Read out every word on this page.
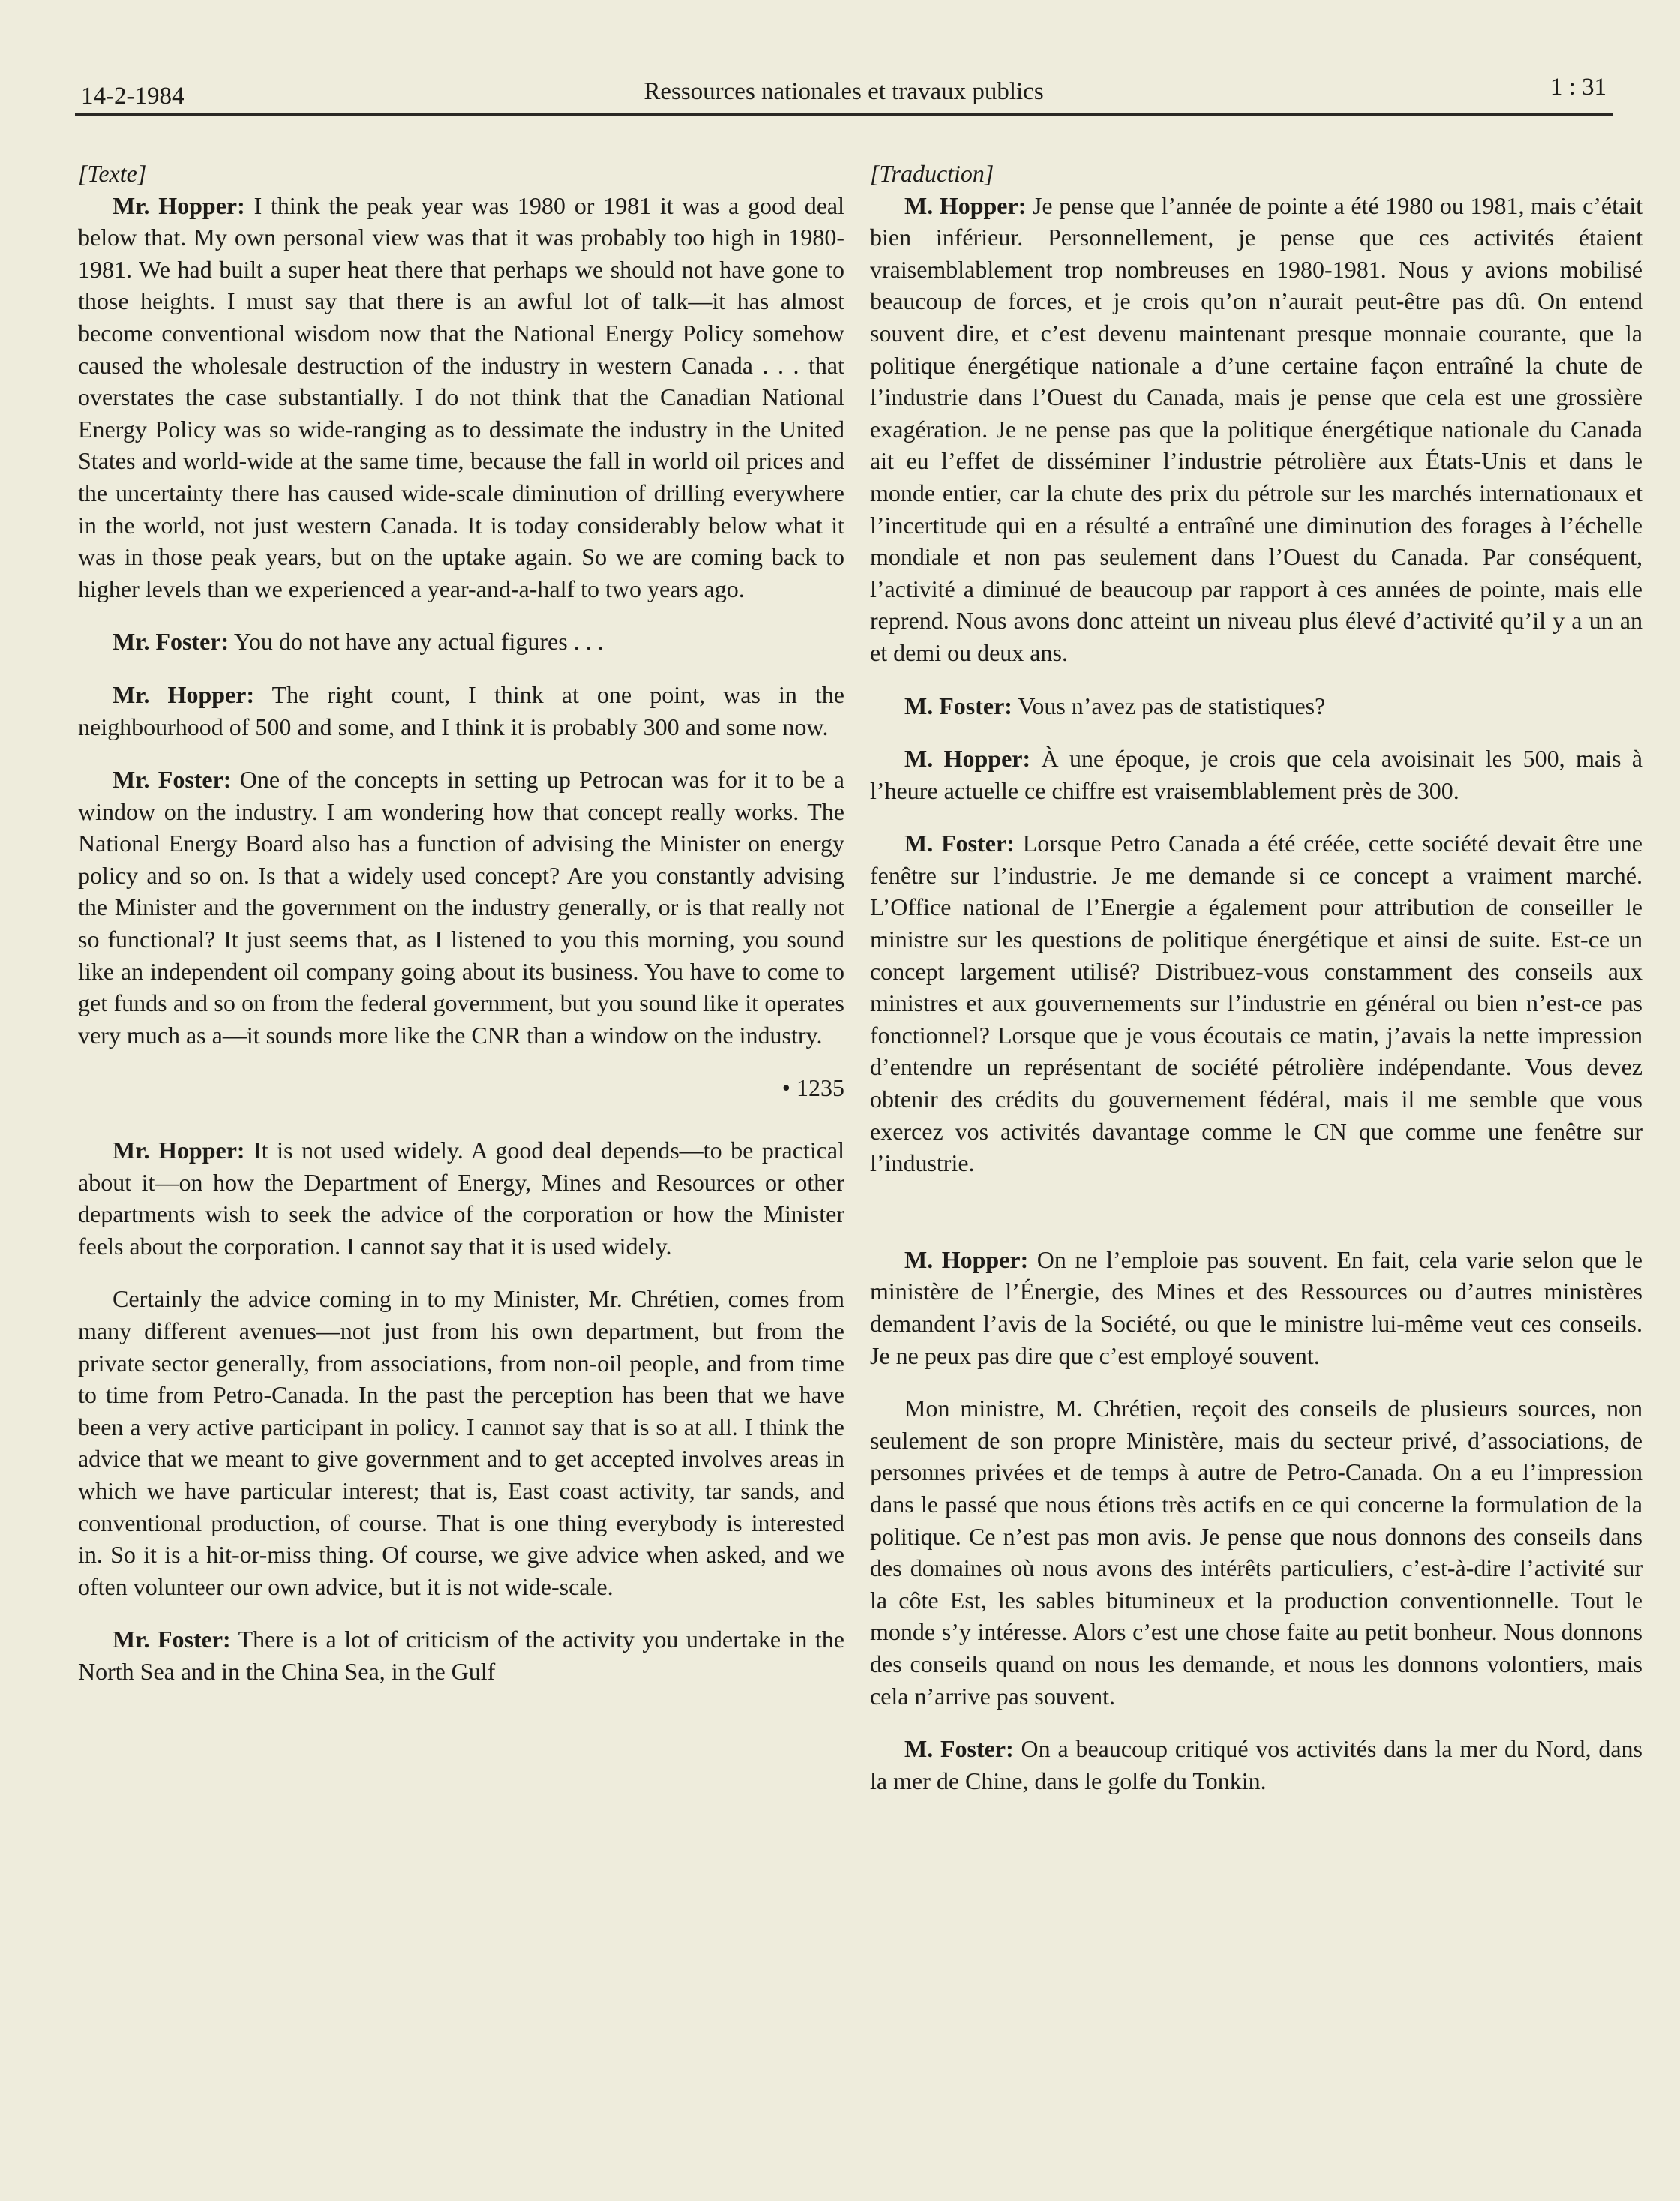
14-2-1984	Ressources nationales et travaux publics	1 : 31

[Texte]

Mr. Hopper: I think the peak year was 1980 or 1981 it was a good deal below that. My own personal view was that it was probably too high in 1980-1981. We had built a super heat there that perhaps we should not have gone to those heights. I must say that there is an awful lot of talk—it has almost become conventional wisdom now that the National Energy Policy somehow caused the wholesale destruction of the industry in western Canada . . . that overstates the case substantially. I do not think that the Canadian National Energy Policy was so wide-ranging as to dessimate the industry in the United States and world-wide at the same time, because the fall in world oil prices and the uncertainty there has caused wide-scale diminution of drilling everywhere in the world, not just western Canada. It is today considerably below what it was in those peak years, but on the uptake again. So we are coming back to higher levels than we experienced a year-and-a-half to two years ago.

Mr. Foster: You do not have any actual figures . . .

Mr. Hopper: The right count, I think at one point, was in the neighbourhood of 500 and some, and I think it is probably 300 and some now.

Mr. Foster: One of the concepts in setting up Petrocan was for it to be a window on the industry. I am wondering how that concept really works. The National Energy Board also has a function of advising the Minister on energy policy and so on. Is that a widely used concept? Are you constantly advising the Minister and the government on the industry generally, or is that really not so functional? It just seems that, as I listened to you this morning, you sound like an independent oil company going about its business. You have to come to get funds and so on from the federal government, but you sound like it operates very much as a—it sounds more like the CNR than a window on the industry.

• 1235

Mr. Hopper: It is not used widely. A good deal depends—to be practical about it—on how the Department of Energy, Mines and Resources or other departments wish to seek the advice of the corporation or how the Minister feels about the corporation. I cannot say that it is used widely.

Certainly the advice coming in to my Minister, Mr. Chrétien, comes from many different avenues—not just from his own department, but from the private sector generally, from associations, from non-oil people, and from time to time from Petro-Canada. In the past the perception has been that we have been a very active participant in policy. I cannot say that is so at all. I think the advice that we meant to give government and to get accepted involves areas in which we have particular interest; that is, East coast activity, tar sands, and conventional production, of course. That is one thing everybody is interested in. So it is a hit-or-miss thing. Of course, we give advice when asked, and we often volunteer our own advice, but it is not wide-scale.

Mr. Foster: There is a lot of criticism of the activity you undertake in the North Sea and in the China Sea, in the Gulf

[Traduction]

M. Hopper: Je pense que l’année de pointe a été 1980 ou 1981, mais c’était bien inférieur. Personnellement, je pense que ces activités étaient vraisemblablement trop nombreuses en 1980-1981. Nous y avions mobilisé beaucoup de forces, et je crois qu’on n’aurait peut-être pas dû. On entend souvent dire, et c’est devenu maintenant presque monnaie courante, que la politique énergétique nationale a d’une certaine façon entraîné la chute de l’industrie dans l’Ouest du Canada, mais je pense que cela est une grossière exagération. Je ne pense pas que la politique énergétique nationale du Canada ait eu l’effet de disséminer l’industrie pétrolière aux États-Unis et dans le monde entier, car la chute des prix du pétrole sur les marchés internationaux et l’incertitude qui en a résulté a entraîné une diminution des forages à l’échelle mondiale et non pas seulement dans l’Ouest du Canada. Par conséquent, l’activité a diminué de beaucoup par rapport à ces années de pointe, mais elle reprend. Nous avons donc atteint un niveau plus élevé d’activité qu’il y a un an et demi ou deux ans.

M. Foster: Vous n’avez pas de statistiques?

M. Hopper: À une époque, je crois que cela avoisinait les 500, mais à l’heure actuelle ce chiffre est vraisemblablement près de 300.

M. Foster: Lorsque Petro Canada a été créée, cette société devait être une fenêtre sur l’industrie. Je me demande si ce concept a vraiment marché. L’Office national de l’Energie a également pour attribution de conseiller le ministre sur les questions de politique énergétique et ainsi de suite. Est-ce un concept largement utilisé? Distribuez-vous constamment des conseils aux ministres et aux gouvernements sur l’industrie en général ou bien n’est-ce pas fonctionnel? Lorsque que je vous écoutais ce matin, j’avais la nette impression d’entendre un représentant de société pétrolière indépendante. Vous devez obtenir des crédits du gouvernement fédéral, mais il me semble que vous exercez vos activités davantage comme le CN que comme une fenêtre sur l’industrie.

M. Hopper: On ne l’emploie pas souvent. En fait, cela varie selon que le ministère de l’Énergie, des Mines et des Ressources ou d’autres ministères demandent l’avis de la Société, ou que le ministre lui-même veut ces conseils. Je ne peux pas dire que c’est employé souvent.

Mon ministre, M. Chrétien, reçoit des conseils de plusieurs sources, non seulement de son propre Ministère, mais du secteur privé, d’associations, de personnes privées et de temps à autre de Petro-Canada. On a eu l’impression dans le passé que nous étions très actifs en ce qui concerne la formulation de la politique. Ce n’est pas mon avis. Je pense que nous donnons des conseils dans des domaines où nous avons des intérêts particuliers, c’est-à-dire l’activité sur la côte Est, les sables bitumineux et la production conventionnelle. Tout le monde s’y intéresse. Alors c’est une chose faite au petit bonheur. Nous donnons des conseils quand on nous les demande, et nous les donnons volontiers, mais cela n’arrive pas souvent.

M. Foster: On a beaucoup critiqué vos activités dans la mer du Nord, dans la mer de Chine, dans le golfe du Tonkin.
